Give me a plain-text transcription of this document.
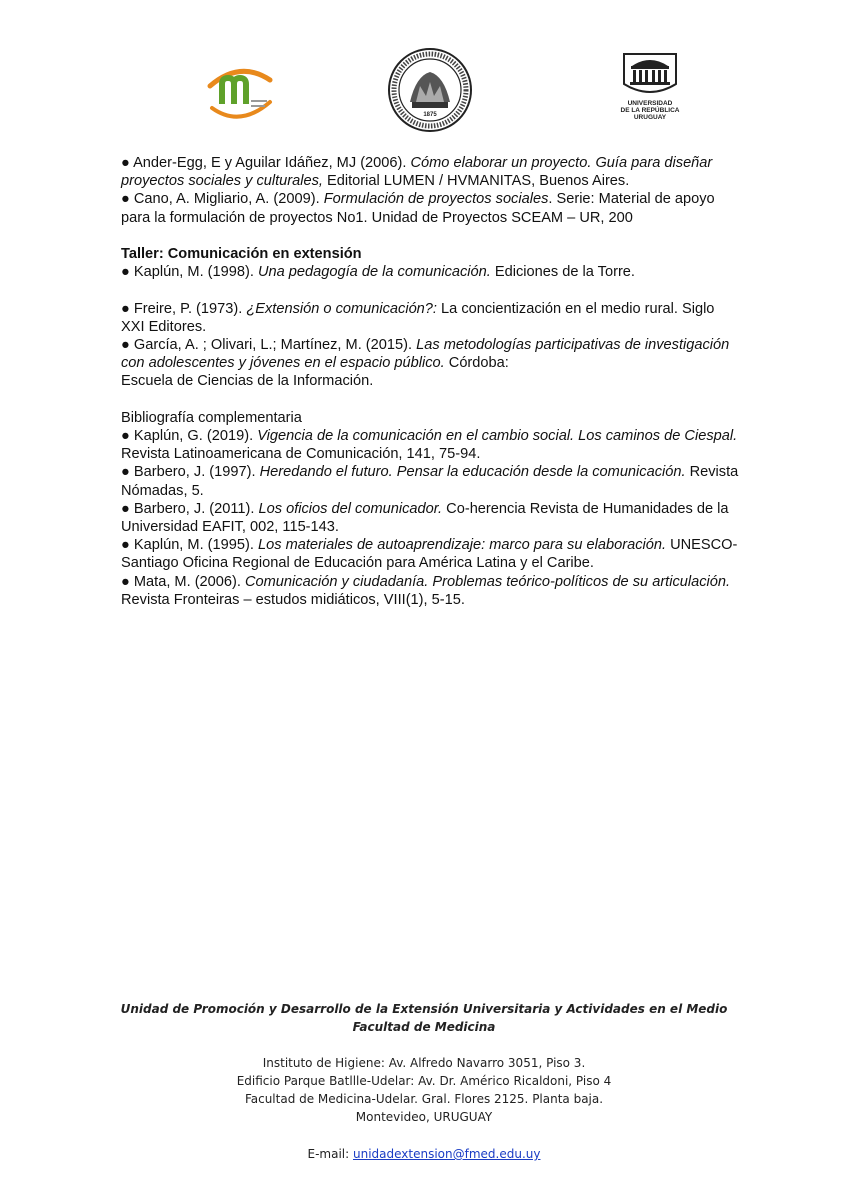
1875
UNIVERSIDAD
DE LA REPÚBLICA
URUGUAY

● Ander-Egg, E y Aguilar Idáñez, MJ (2006). Cómo elaborar un proyecto. Guía para diseñar proyectos sociales y culturales, Editorial LUMEN / HVMANITAS, Buenos Aires.

● Cano, A. Migliario, A. (2009). Formulación de proyectos sociales. Serie: Material de apoyo para la formulación de proyectos No1. Unidad de Proyectos SCEAM – UR, 200

Taller: Comunicación en extensión

● Kaplún, M. (1998). Una pedagogía de la comunicación. Ediciones de la Torre.

● Freire, P. (1973). ¿Extensión o comunicación?: La concientización en el medio rural. Siglo XXI Editores.

● García, A. ; Olivari, L.; Martínez, M. (2015). Las metodologías participativas de investigación con adolescentes y jóvenes en el espacio público. Córdoba:

Escuela de Ciencias de la Información.

Bibliografía complementaria

● Kaplún, G. (2019). Vigencia de la comunicación en el cambio social. Los caminos de Ciespal. Revista Latinoamericana de Comunicación, 141, 75-94.

● Barbero, J. (1997). Heredando el futuro. Pensar la educación desde la comunicación. Revista Nómadas, 5.

● Barbero, J. (2011). Los oficios del comunicador. Co-herencia Revista de Humanidades de la Universidad EAFIT, 002, 115-143.

● Kaplún, M. (1995). Los materiales de autoaprendizaje: marco para su elaboración. UNESCO-Santiago Oficina Regional de Educación para América Latina y el Caribe.

● Mata, M. (2006). Comunicación y ciudadanía. Problemas teórico-políticos de su articulación. Revista Fronteiras – estudos midiáticos, VIII(1), 5-15.

Unidad de Promoción y Desarrollo de la Extensión Universitaria y Actividades en el Medio
Facultad de Medicina
Instituto de Higiene: Av. Alfredo Navarro 3051, Piso 3.
Edificio Parque Batllle-Udelar: Av. Dr. Américo Ricaldoni, Piso 4
Facultad de Medicina-Udelar. Gral. Flores 2125. Planta baja.
Montevideo, URUGUAY
E-mail: unidadextension@fmed.edu.uy
